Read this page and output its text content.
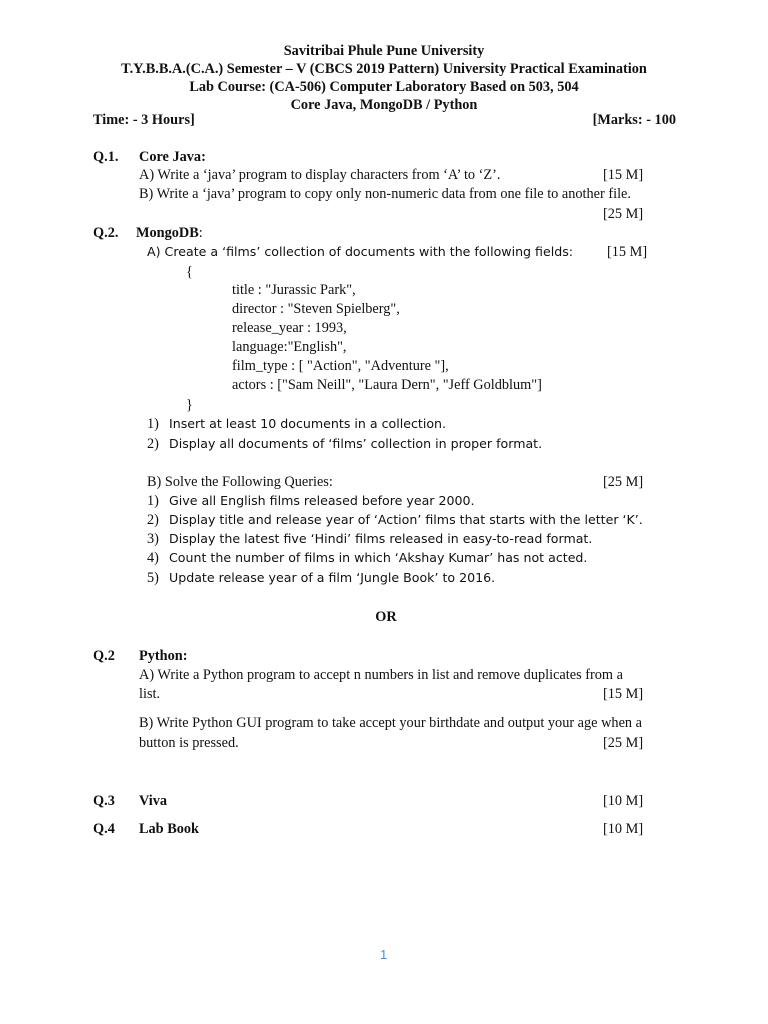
Savitribai Phule Pune University
T.Y.B.B.A.(C.A.) Semester – V (CBCS 2019 Pattern) University Practical Examination
Lab Course: (CA-506) Computer Laboratory Based on 503, 504
Core Java, MongoDB / Python
Time: - 3 Hours]	[Marks: - 100
Q.1. Core Java:
A) Write a ‘java’ program to display characters from ‘A’ to ‘Z’.	[15 M]
B) Write a ‘java’ program to copy only non-numeric data from one file to another file.
[25 M]
Q.2. MongoDB:
A) Create a ‘films’ collection of documents with the following fields: [15 M]
{
title : "Jurassic Park",
director : "Steven Spielberg",
release_year : 1993,
language:"English",
film_type : [ "Action", "Adventure "],
actors : ["Sam Neill", "Laura Dern", "Jeff Goldblum"]
}
1) Insert at least 10 documents in a collection.
2) Display all documents of ‘films’ collection in proper format.
B) Solve the Following Queries:	[25 M]
1) Give all English films released before year 2000.
2) Display title and release year of ‘Action’ films that starts with the letter ‘K’.
3) Display the latest five ‘Hindi’ films released in easy-to-read format.
4) Count the number of films in which ‘Akshay Kumar’ has not acted.
5) Update release year of a film ‘Jungle Book’ to 2016.
OR
Q.2 Python:
A) Write a Python program to accept n numbers in list and remove duplicates from a
list.	[15 M]
B) Write Python GUI program to take accept your birthdate and output your age when a
button is pressed.	[25 M]
Q.3 Viva	[10 M]
Q.4 Lab Book	[10 M]
1
